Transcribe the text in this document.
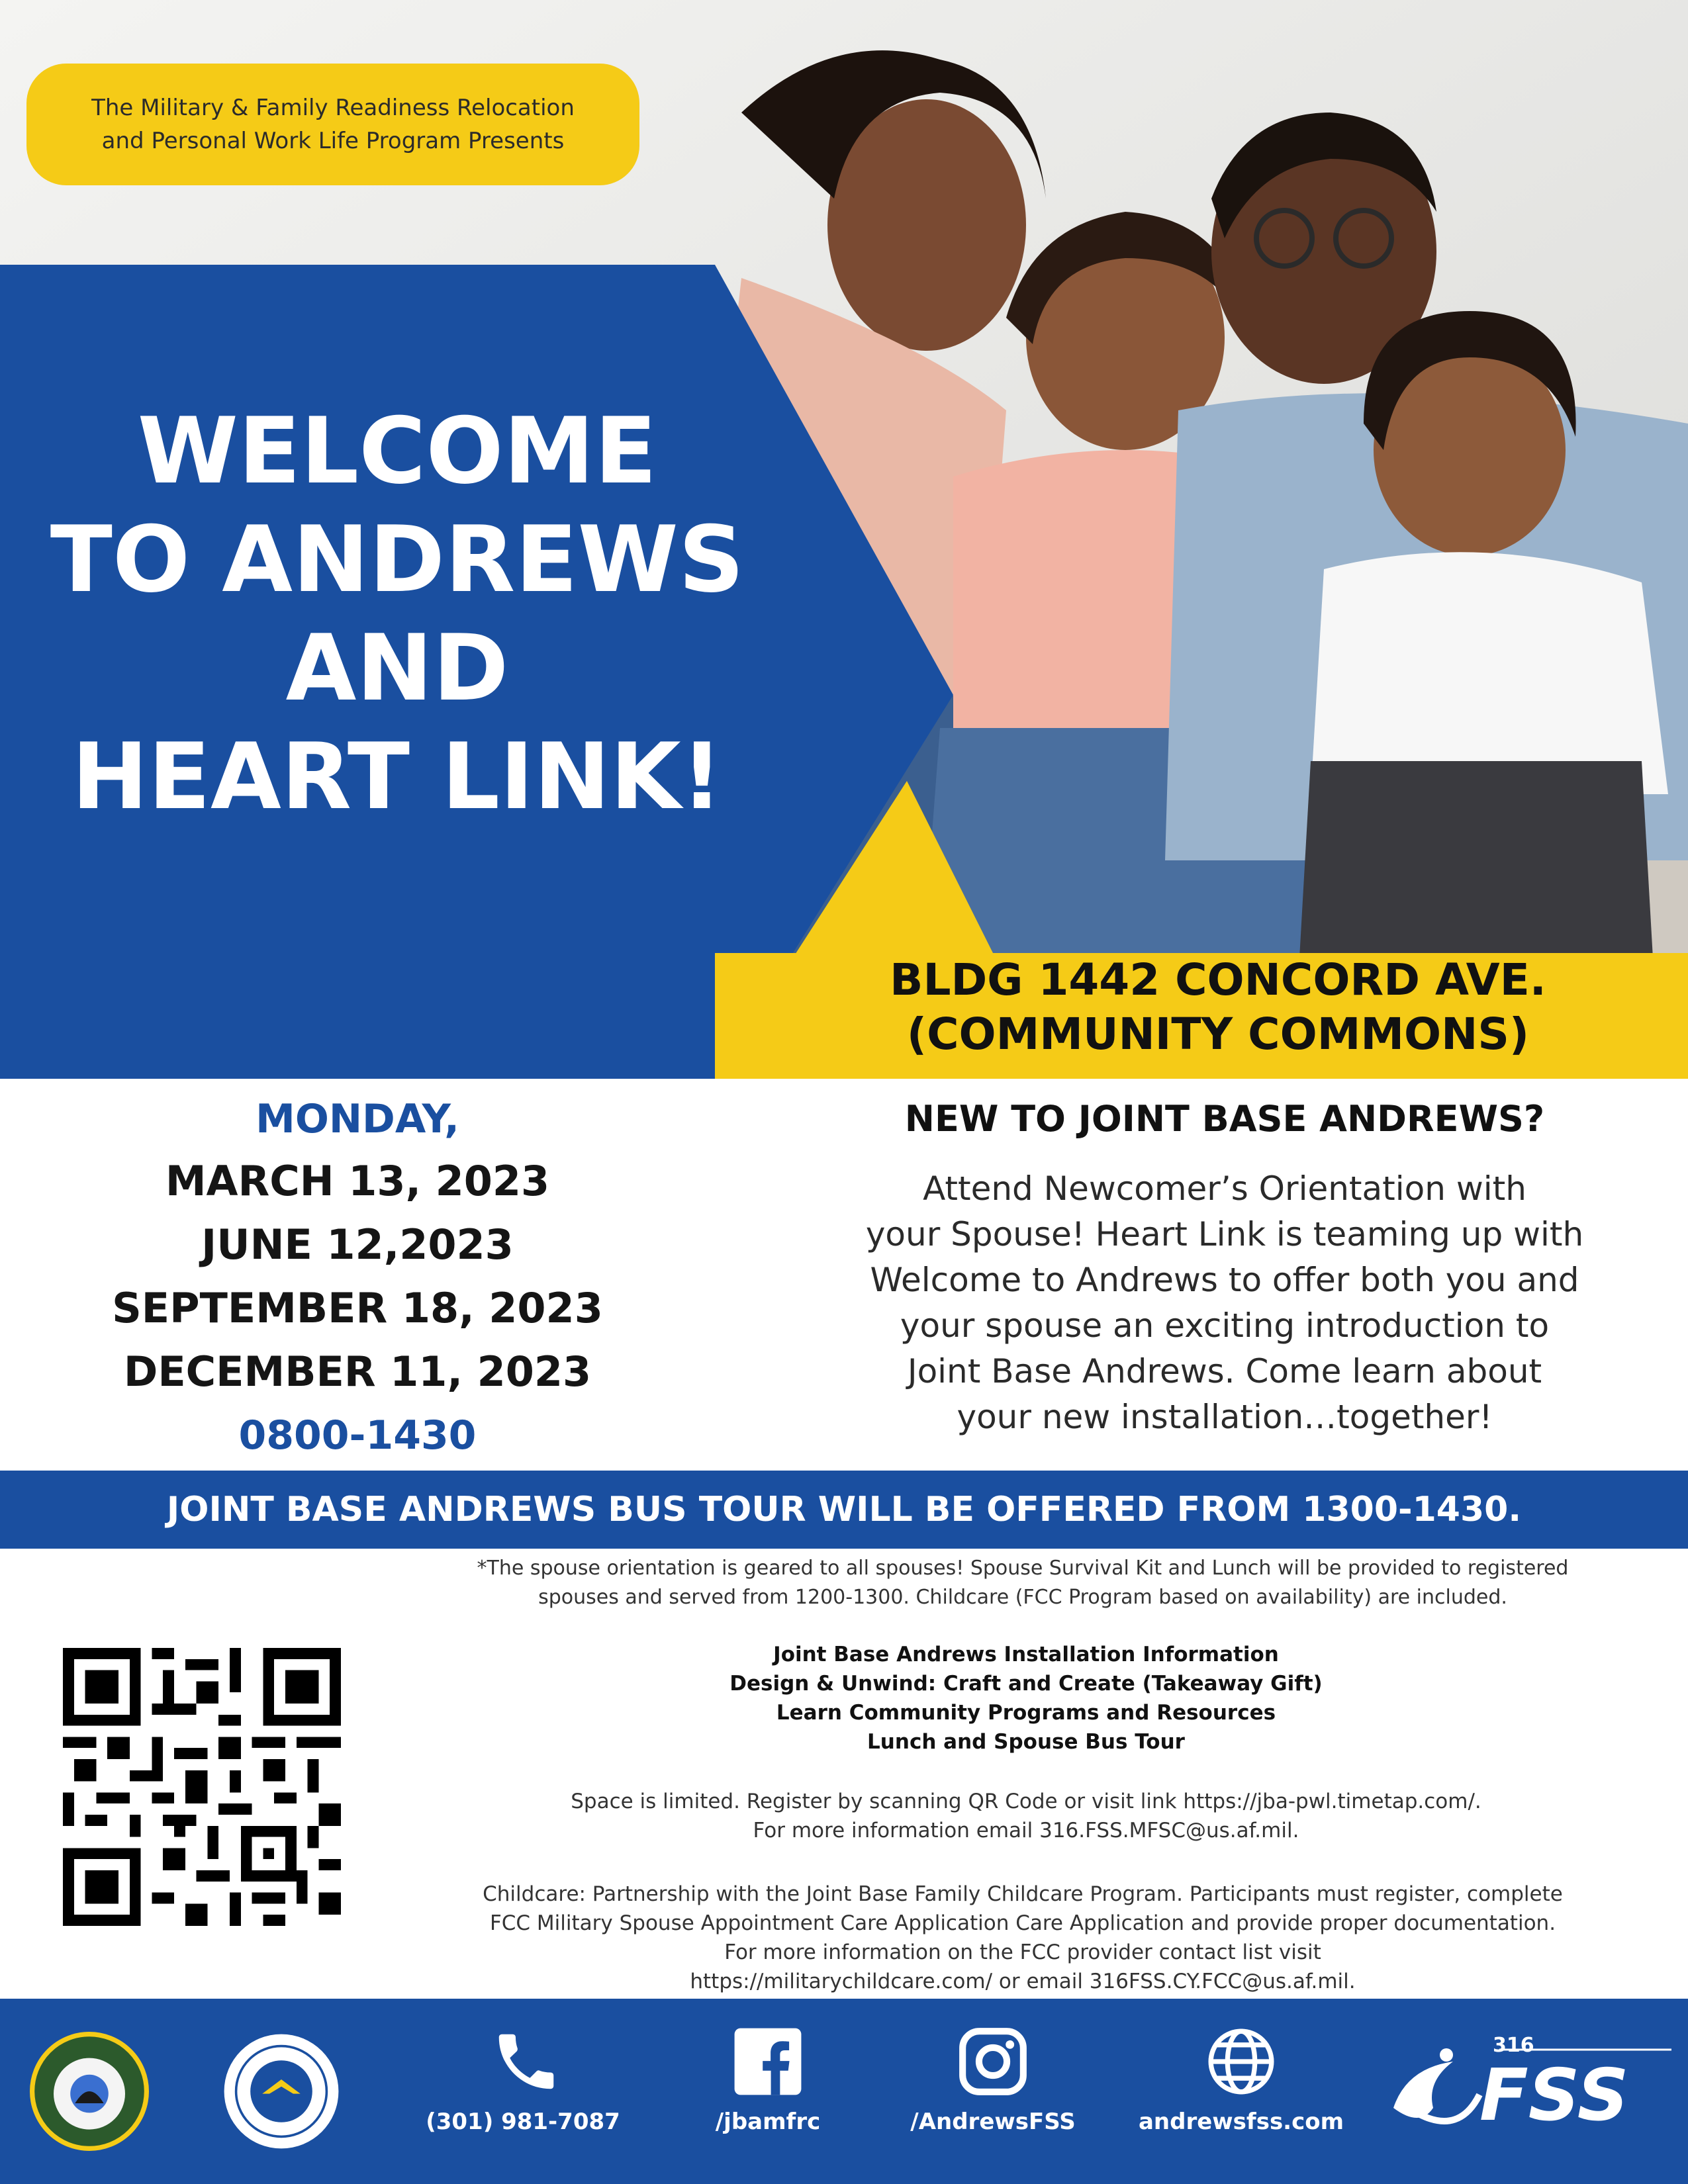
The Military & Family Readiness Relocation
and Personal Work Life Program Presents
WELCOME
TO ANDREWS
AND
HEART LINK!
BLDG 1442 CONCORD AVE.
(COMMUNITY COMMONS)
MONDAY,
MARCH 13, 2023
JUNE 12,2023
SEPTEMBER 18, 2023
DECEMBER 11, 2023
0800-1430
NEW TO JOINT BASE ANDREWS?
Attend Newcomer’s Orientation with
your Spouse! Heart Link is teaming up with
Welcome to Andrews to offer both you and
your spouse an exciting introduction to
Joint Base Andrews. Come learn about
your new installation…together!
JOINT BASE ANDREWS BUS TOUR WILL BE OFFERED FROM 1300-1430.
*The spouse orientation is geared to all spouses! Spouse Survival Kit and Lunch will be provided to registered
spouses and served from 1200-1300. Childcare (FCC Program based on availability) are included.
Joint Base Andrews Installation Information
Design & Unwind: Craft and Create (Takeaway Gift)
Learn Community Programs and Resources
Lunch and Spouse Bus Tour
Space is limited. Register by scanning QR Code or visit link https://jba-pwl.timetap.com/.
For more information email 316.FSS.MFSC@us.af.mil.
Childcare: Partnership with the Joint Base Family Childcare Program. Participants must register, complete
FCC Military Spouse Appointment Care Application Care Application and provide proper documentation.
For more information on the FCC provider contact list visit
https://militarychildcare.com/ or email 316FSS.CY.FCC@us.af.mil.
(301) 981-7087	/jbamfrc	/AndrewsFSS	andrewsfss.com
316
FSS
